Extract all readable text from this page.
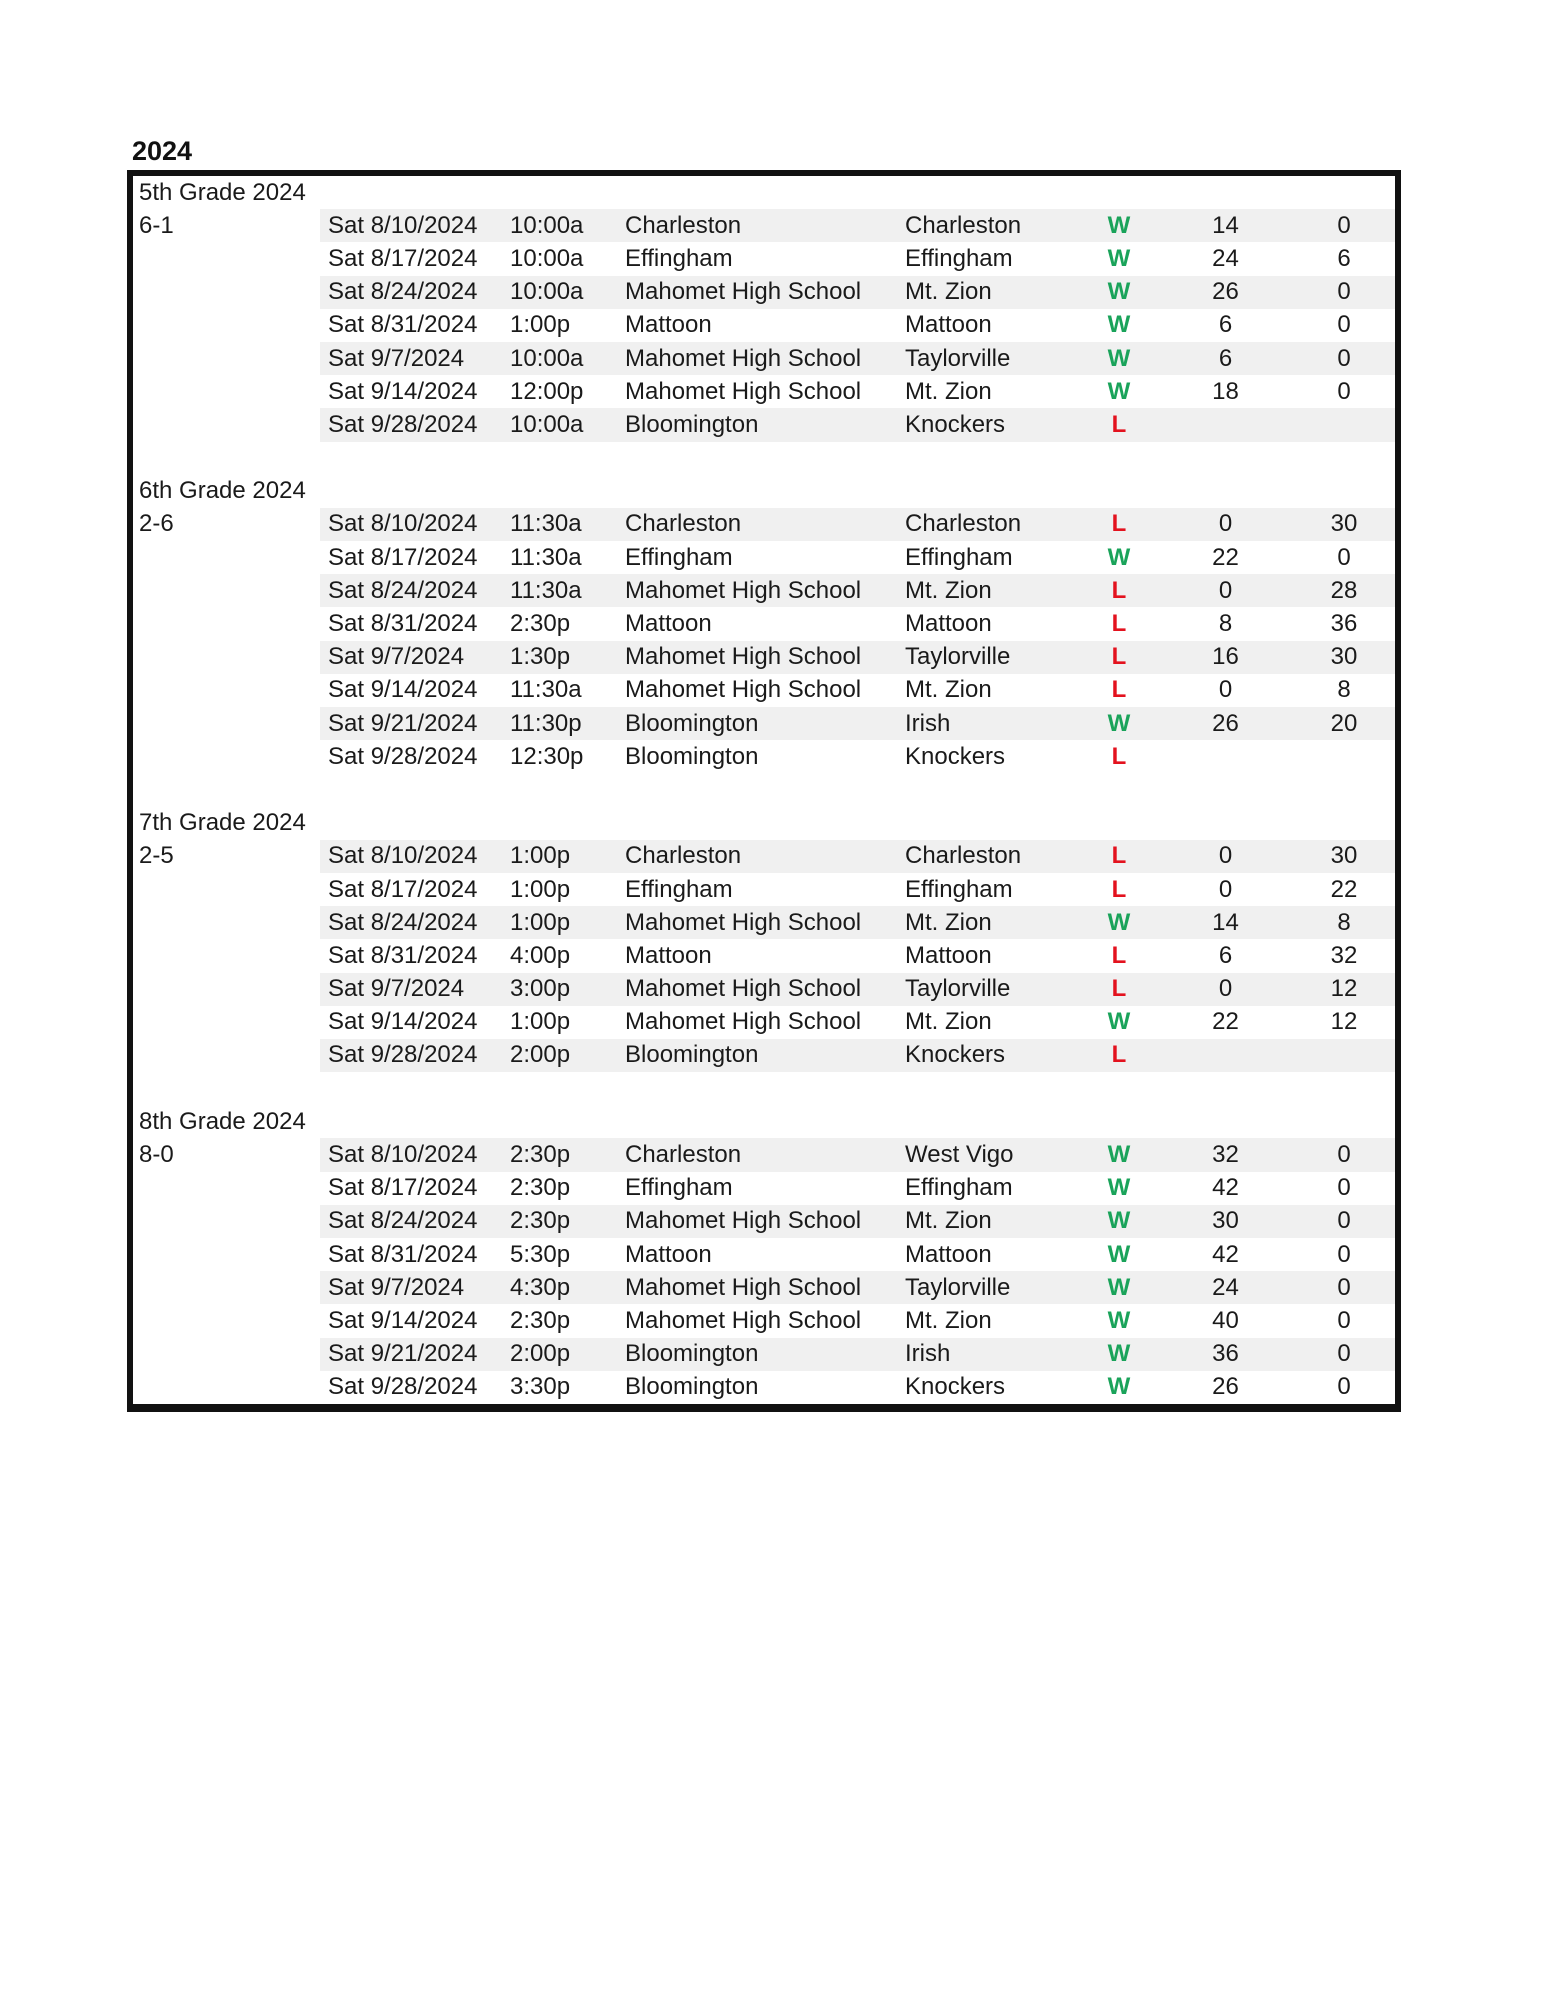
2024
5th Grade 2024
6-1	Sat 8/10/2024	10:00a	Charleston	Charleston	W	14	0
Sat 8/17/2024	10:00a	Effingham	Effingham	W	24	6
Sat 8/24/2024	10:00a	Mahomet High School	Mt. Zion	W	26	0
Sat 8/31/2024	1:00p	Mattoon	Mattoon	W	6	0
Sat 9/7/2024	10:00a	Mahomet High School	Taylorville	W	6	0
Sat 9/14/2024	12:00p	Mahomet High School	Mt. Zion	W	18	0
Sat 9/28/2024	10:00a	Bloomington	Knockers	L
6th Grade 2024
2-6	Sat 8/10/2024	11:30a	Charleston	Charleston	L	0	30
Sat 8/17/2024	11:30a	Effingham	Effingham	W	22	0
Sat 8/24/2024	11:30a	Mahomet High School	Mt. Zion	L	0	28
Sat 8/31/2024	2:30p	Mattoon	Mattoon	L	8	36
Sat 9/7/2024	1:30p	Mahomet High School	Taylorville	L	16	30
Sat 9/14/2024	11:30a	Mahomet High School	Mt. Zion	L	0	8
Sat 9/21/2024	11:30p	Bloomington	Irish	W	26	20
Sat 9/28/2024	12:30p	Bloomington	Knockers	L
7th Grade 2024
2-5	Sat 8/10/2024	1:00p	Charleston	Charleston	L	0	30
Sat 8/17/2024	1:00p	Effingham	Effingham	L	0	22
Sat 8/24/2024	1:00p	Mahomet High School	Mt. Zion	W	14	8
Sat 8/31/2024	4:00p	Mattoon	Mattoon	L	6	32
Sat 9/7/2024	3:00p	Mahomet High School	Taylorville	L	0	12
Sat 9/14/2024	1:00p	Mahomet High School	Mt. Zion	W	22	12
Sat 9/28/2024	2:00p	Bloomington	Knockers	L
8th Grade 2024
8-0	Sat 8/10/2024	2:30p	Charleston	West Vigo	W	32	0
Sat 8/17/2024	2:30p	Effingham	Effingham	W	42	0
Sat 8/24/2024	2:30p	Mahomet High School	Mt. Zion	W	30	0
Sat 8/31/2024	5:30p	Mattoon	Mattoon	W	42	0
Sat 9/7/2024	4:30p	Mahomet High School	Taylorville	W	24	0
Sat 9/14/2024	2:30p	Mahomet High School	Mt. Zion	W	40	0
Sat 9/21/2024	2:00p	Bloomington	Irish	W	36	0
Sat 9/28/2024	3:30p	Bloomington	Knockers	W	26	0
